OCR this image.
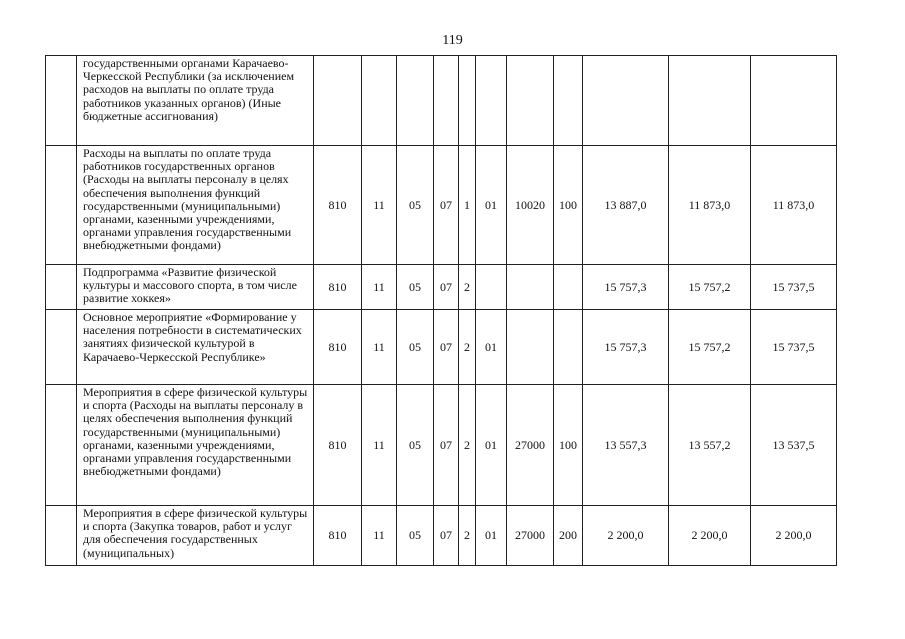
119
	государственными органами Карачаево-Черкесской Республики (за исключением расходов на выплаты по оплате труда работников указанных органов) (Иные бюджетные ассигнования)											
	Расходы на выплаты по оплате труда работников государственных органов (Расходы на выплаты персоналу в целях обеспечения выполнения функций государственными (муниципальными) органами, казенными учреждениями, органами управления государственными внебюджетными фондами)	810	11	05	07	1	01	10020	100	13 887,0	11 873,0	11 873,0
	Подпрограмма «Развитие физической культуры и массового спорта, в том числе развитие хоккея»	810	11	05	07	2				15 757,3	15 757,2	15 737,5
	Основное мероприятие «Формирование у населения потребности в систематических занятиях физической культурой в Карачаево-Черкесской Республике»	810	11	05	07	2	01			15 757,3	15 757,2	15 737,5
	Мероприятия в сфере физической культуры и спорта (Расходы на выплаты персоналу в целях обеспечения выполнения функций государственными (муниципальными) органами, казенными учреждениями, органами управления государственными внебюджетными фондами)	810	11	05	07	2	01	27000	100	13 557,3	13 557,2	13 537,5
	Мероприятия в сфере физической культуры и спорта (Закупка товаров, работ и услуг для обеспечения государственных (муниципальных)	810	11	05	07	2	01	27000	200	2 200,0	2 200,0	2 200,0
